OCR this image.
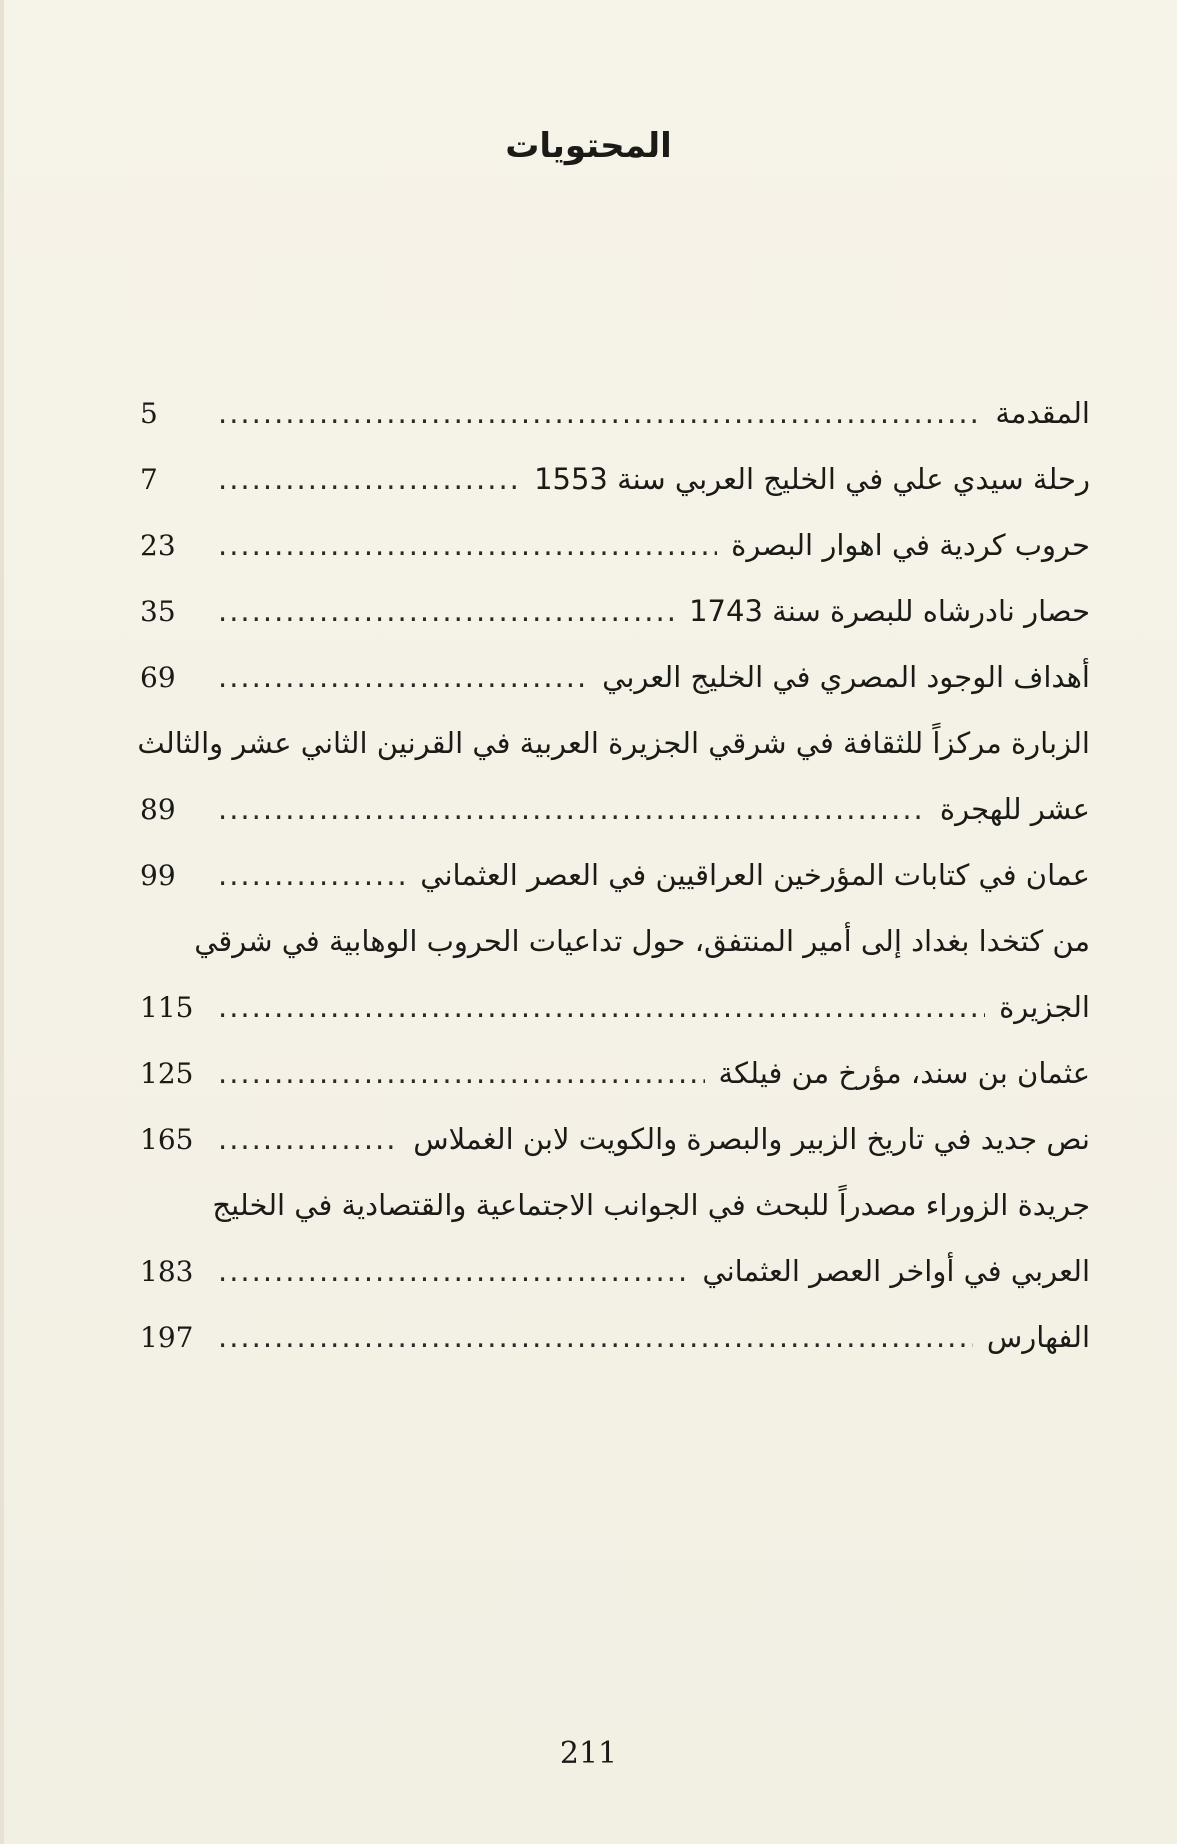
المحتويات
المقدمة
.....
5
رحلة سيدي علي في الخليج العربي سنة 1553
.....
7
حروب كردية في اهوار البصرة
.....
23
حصار نادرشاه للبصرة سنة 1743
.....
35
أهداف الوجود المصري في الخليج العربي
.....
69
الزبارة مركزاً للثقافة في شرقي الجزيرة العربية في القرنين الثاني عشر والثالث
عشر للهجرة
.....
89
عمان في كتابات المؤرخين العراقيين في العصر العثماني
.....
99
من كتخدا بغداد إلى أمير المنتفق، حول تداعيات الحروب الوهابية في شرقي
الجزيرة
.....
115
عثمان بن سند، مؤرخ من فيلكة
.....
125
نص جديد في تاريخ الزبير والبصرة والكويت لابن الغملاس
.....
165
جريدة الزوراء مصدراً للبحث في الجوانب الاجتماعية والقتصادية في الخليج
العربي في أواخر العصر العثماني
.....
183
الفهارس
.....
197
211
